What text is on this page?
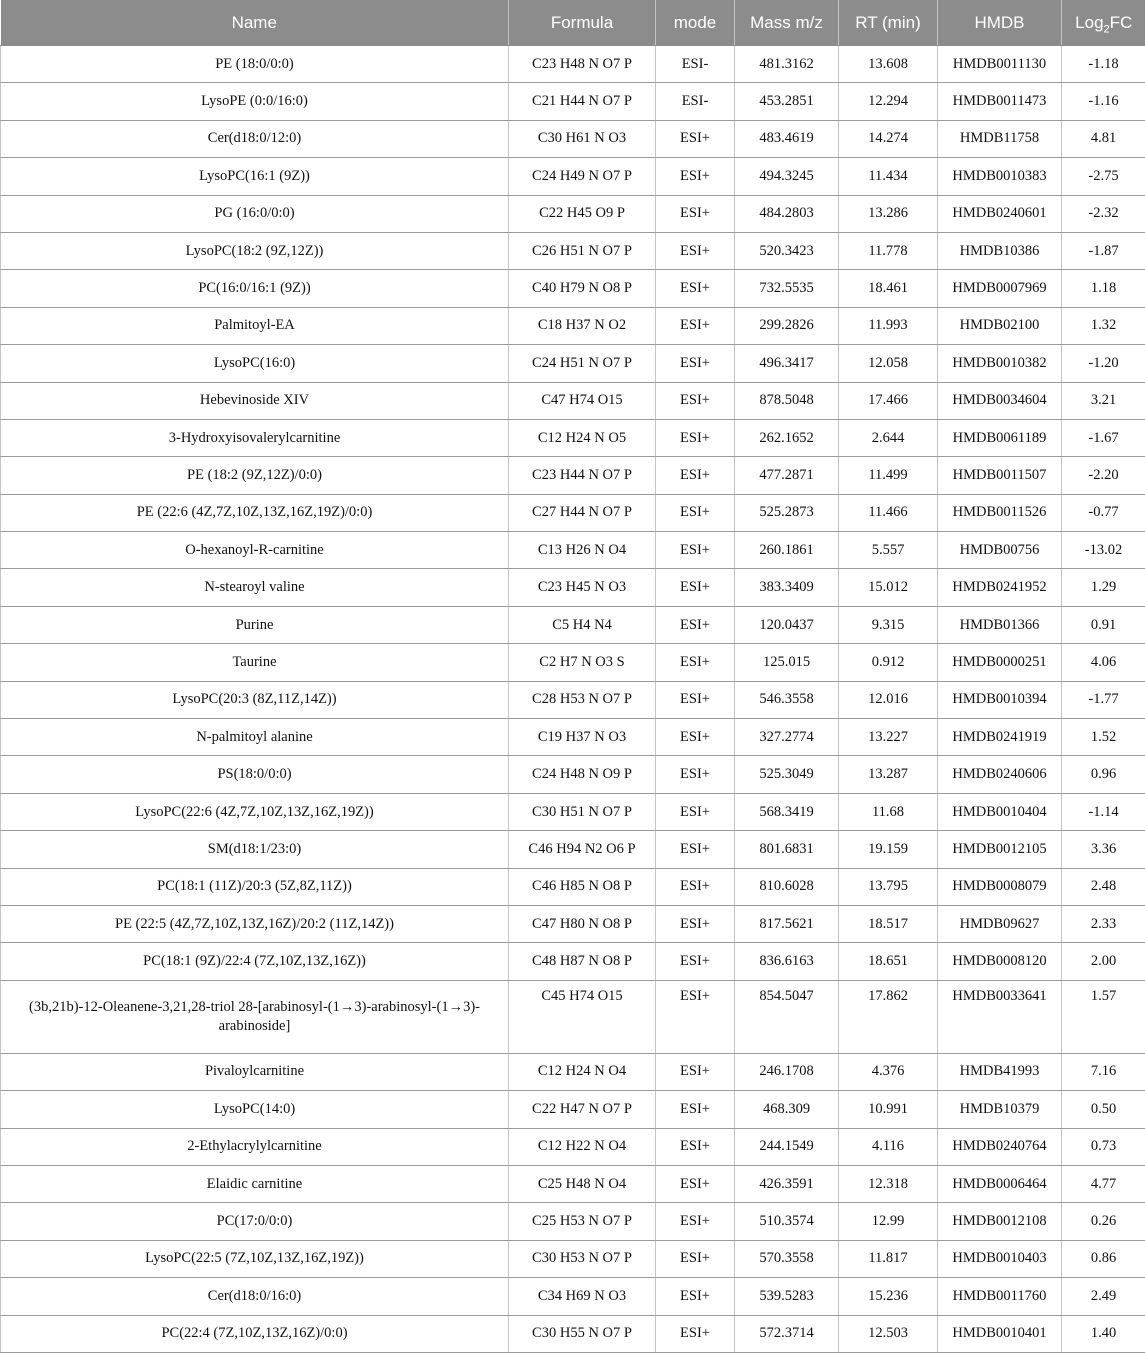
Name	Formula	mode	Mass m/z	RT (min)	HMDB	Log$_2$FC
PE (18:0/0:0)	C23 H48 N O7 P	ESI-	481.3162	13.608	HMDB0011130	-1.18
LysoPE (0:0/16:0)	C21 H44 N O7 P	ESI-	453.2851	12.294	HMDB0011473	-1.16
Cer(d18:0/12:0)	C30 H61 N O3	ESI+	483.4619	14.274	HMDB11758	4.81
LysoPC(16:1 (9Z))	C24 H49 N O7 P	ESI+	494.3245	11.434	HMDB0010383	-2.75
PG (16:0/0:0)	C22 H45 O9 P	ESI+	484.2803	13.286	HMDB0240601	-2.32
LysoPC(18:2 (9Z,12Z))	C26 H51 N O7 P	ESI+	520.3423	11.778	HMDB10386	-1.87
PC(16:0/16:1 (9Z))	C40 H79 N O8 P	ESI+	732.5535	18.461	HMDB0007969	1.18
Palmitoyl-EA	C18 H37 N O2	ESI+	299.2826	11.993	HMDB02100	1.32
LysoPC(16:0)	C24 H51 N O7 P	ESI+	496.3417	12.058	HMDB0010382	-1.20
Hebevinoside XIV	C47 H74 O15	ESI+	878.5048	17.466	HMDB0034604	3.21
3-Hydroxyisovalerylcarnitine	C12 H24 N O5	ESI+	262.1652	2.644	HMDB0061189	-1.67
PE (18:2 (9Z,12Z)/0:0)	C23 H44 N O7 P	ESI+	477.2871	11.499	HMDB0011507	-2.20
PE (22:6 (4Z,7Z,10Z,13Z,16Z,19Z)/0:0)	C27 H44 N O7 P	ESI+	525.2873	11.466	HMDB0011526	-0.77
O-hexanoyl-R-carnitine	C13 H26 N O4	ESI+	260.1861	5.557	HMDB00756	-13.02
N-stearoyl valine	C23 H45 N O3	ESI+	383.3409	15.012	HMDB0241952	1.29
Purine	C5 H4 N4	ESI+	120.0437	9.315	HMDB01366	0.91
Taurine	C2 H7 N O3 S	ESI+	125.015	0.912	HMDB0000251	4.06
LysoPC(20:3 (8Z,11Z,14Z))	C28 H53 N O7 P	ESI+	546.3558	12.016	HMDB0010394	-1.77
N-palmitoyl alanine	C19 H37 N O3	ESI+	327.2774	13.227	HMDB0241919	1.52
PS(18:0/0:0)	C24 H48 N O9 P	ESI+	525.3049	13.287	HMDB0240606	0.96
LysoPC(22:6 (4Z,7Z,10Z,13Z,16Z,19Z))	C30 H51 N O7 P	ESI+	568.3419	11.68	HMDB0010404	-1.14
SM(d18:1/23:0)	C46 H94 N2 O6 P	ESI+	801.6831	19.159	HMDB0012105	3.36
PC(18:1 (11Z)/20:3 (5Z,8Z,11Z))	C46 H85 N O8 P	ESI+	810.6028	13.795	HMDB0008079	2.48
PE (22:5 (4Z,7Z,10Z,13Z,16Z)/20:2 (11Z,14Z))	C47 H80 N O8 P	ESI+	817.5621	18.517	HMDB09627	2.33
PC(18:1 (9Z)/22:4 (7Z,10Z,13Z,16Z))	C48 H87 N O8 P	ESI+	836.6163	18.651	HMDB0008120	2.00
(3b,21b)-12-Oleanene-3,21,28-triol 28-[arabinosyl-(1→3)-arabinosyl-(1→3)-arabinoside]	C45 H74 O15	ESI+	854.5047	17.862	HMDB0033641	1.57
Pivaloylcarnitine	C12 H24 N O4	ESI+	246.1708	4.376	HMDB41993	7.16
LysoPC(14:0)	C22 H47 N O7 P	ESI+	468.309	10.991	HMDB10379	0.50
2-Ethylacrylylcarnitine	C12 H22 N O4	ESI+	244.1549	4.116	HMDB0240764	0.73
Elaidic carnitine	C25 H48 N O4	ESI+	426.3591	12.318	HMDB0006464	4.77
PC(17:0/0:0)	C25 H53 N O7 P	ESI+	510.3574	12.99	HMDB0012108	0.26
LysoPC(22:5 (7Z,10Z,13Z,16Z,19Z))	C30 H53 N O7 P	ESI+	570.3558	11.817	HMDB0010403	0.86
Cer(d18:0/16:0)	C34 H69 N O3	ESI+	539.5283	15.236	HMDB0011760	2.49
PC(22:4 (7Z,10Z,13Z,16Z)/0:0)	C30 H55 N O7 P	ESI+	572.3714	12.503	HMDB0010401	1.40
